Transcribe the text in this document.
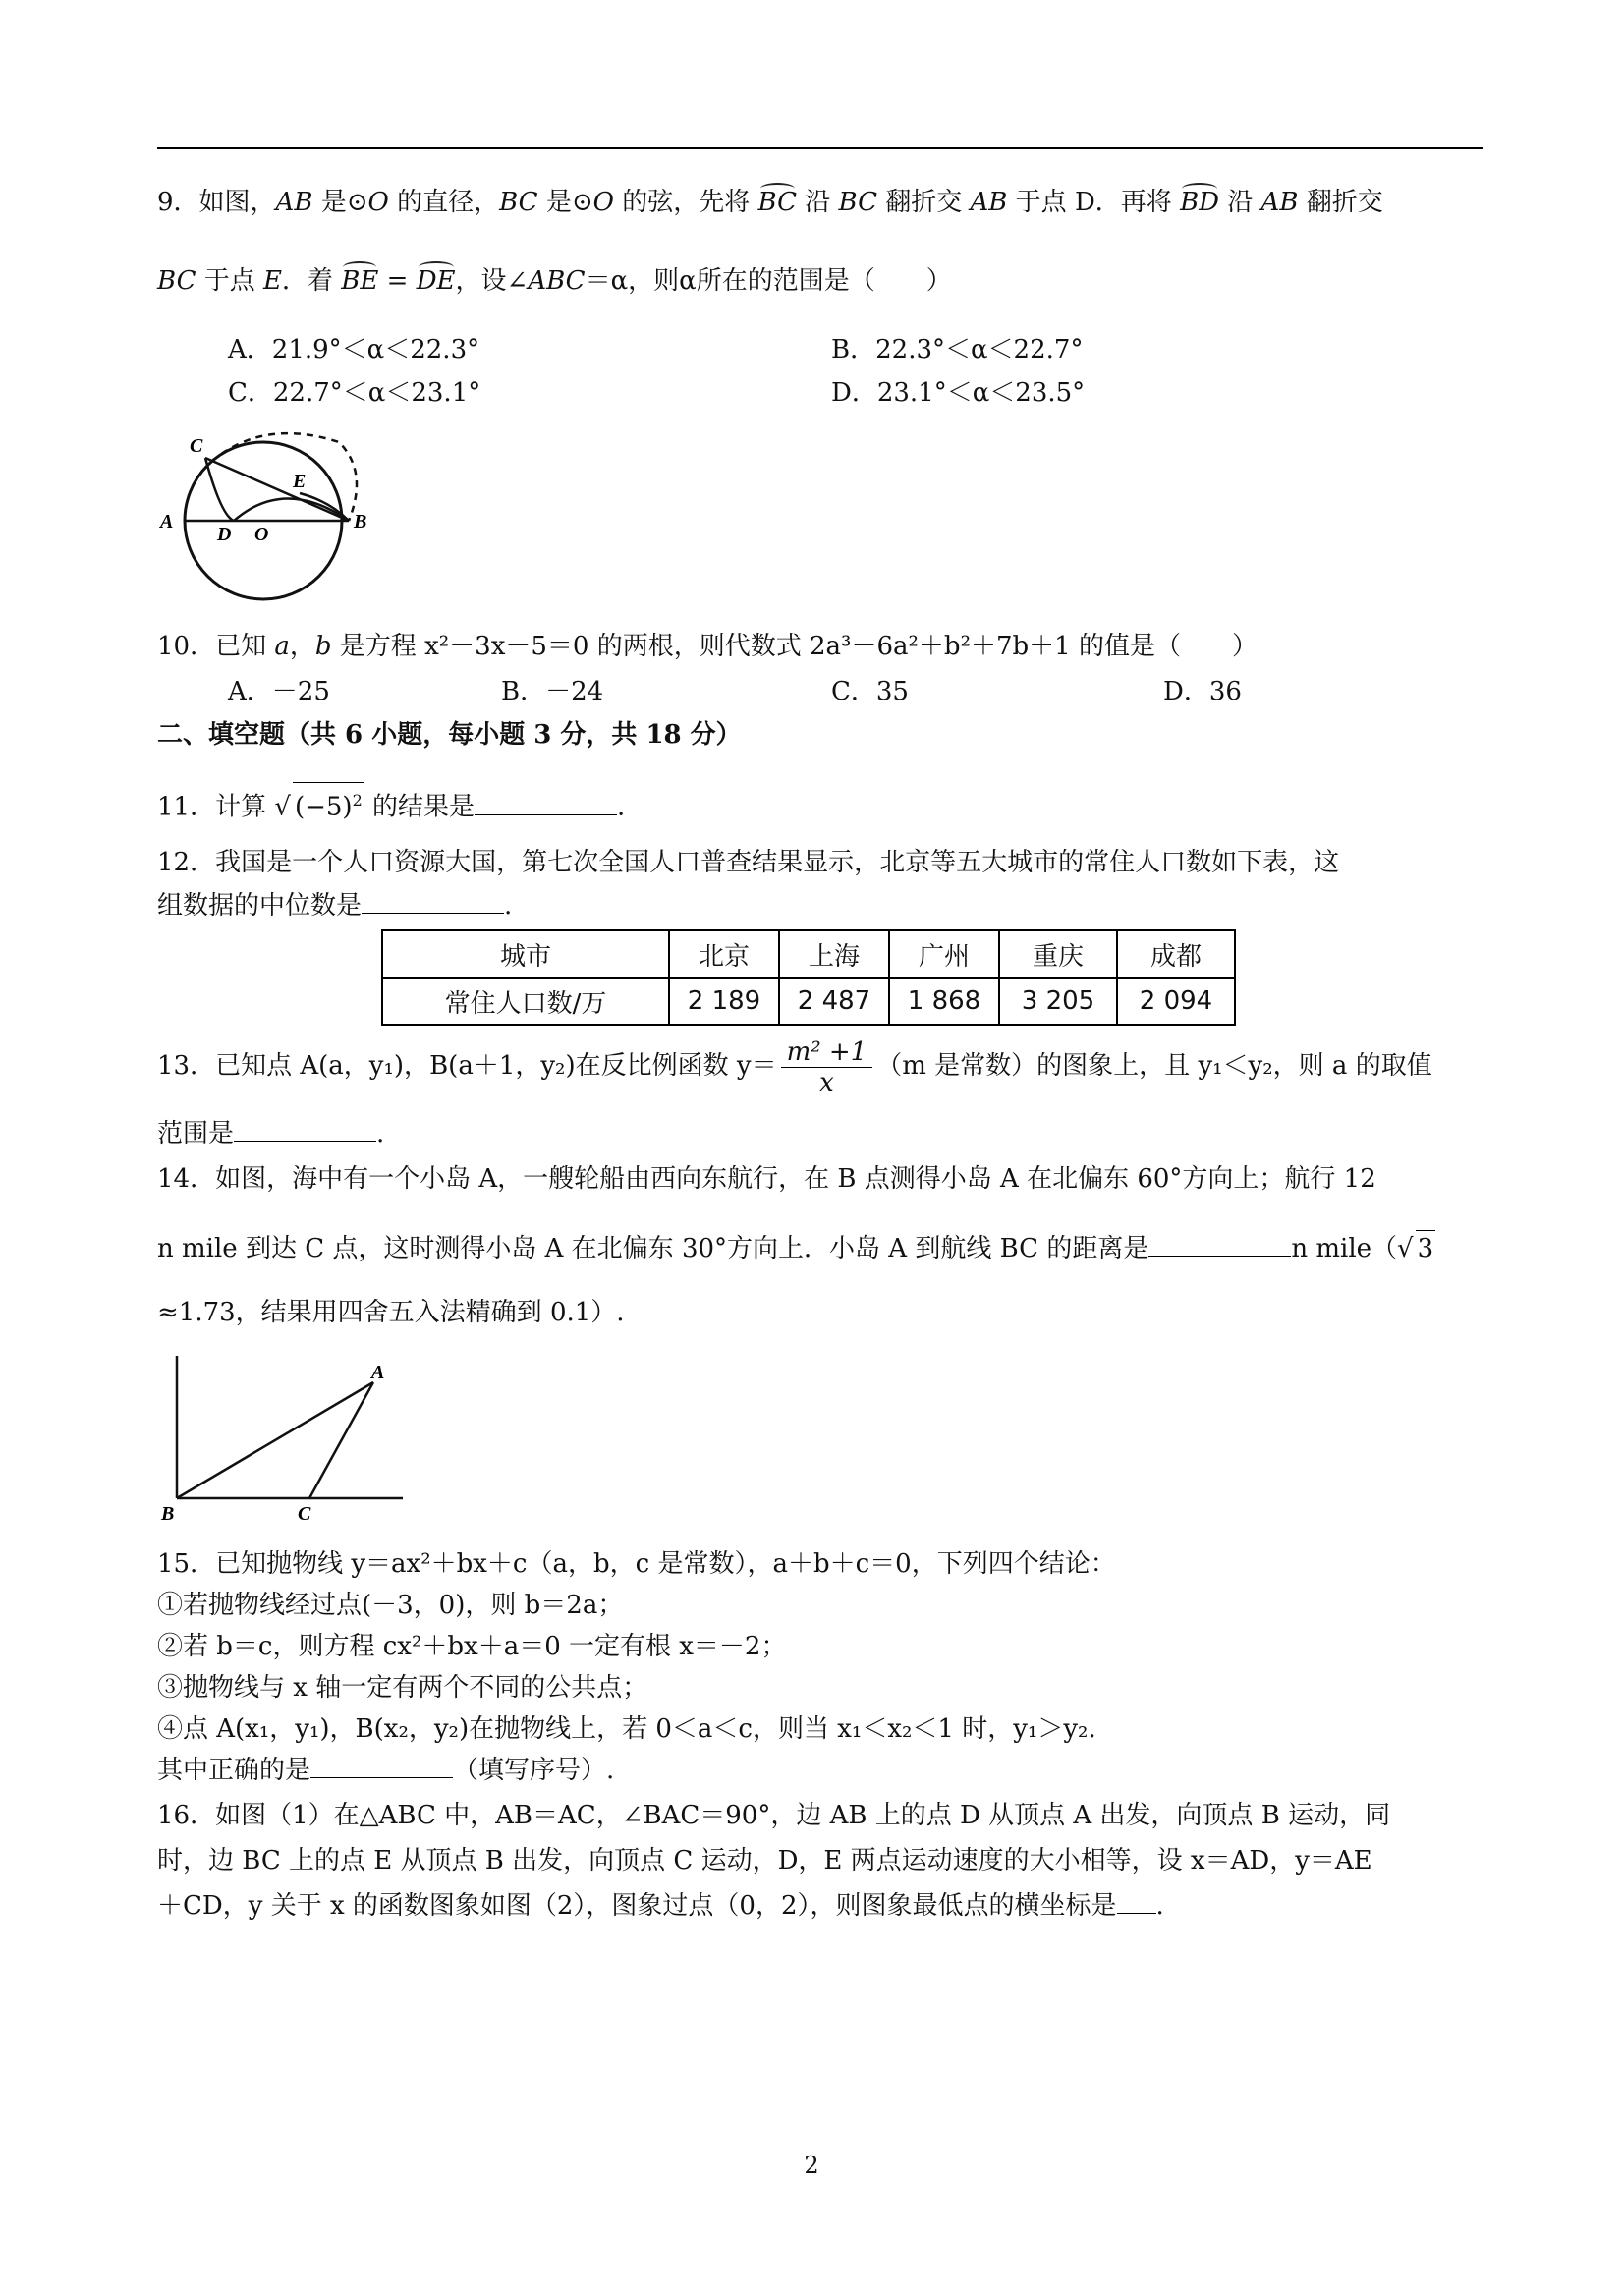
9．如图，AB 是⊙O 的直径，BC 是⊙O 的弦，先将 BC 沿 BC 翻折交 AB 于点 D．再将 BD 沿 AB 翻折交
BC 于点 E．着 BE = DE，设∠ABC＝α，则α所在的范围是（　　）
A．21.9°＜α＜22.3°	B．22.3°＜α＜22.7°
C．22.7°＜α＜23.1°	D．23.1°＜α＜23.5°
C
E
A
D O
B
10．已知 a，b 是方程 x²－3x－5＝0 的两根，则代数式 2a³－6a²＋b²＋7b＋1 的值是（　　）
A．－25	B．－24	C．35	D．36
二、填空题（共 6 小题，每小题 3 分，共 18 分）
11．计算 √ $(-5)^2$ 的结果是	.
12．我国是一个人口资源大国，第七次全国人口普查结果显示，北京等五大城市的常住人口数如下表，这
组数据的中位数是	.
城市	北京	上海	广州	重庆	成都
常住人口数/万	2 189	2 487	1 868	3 205	2 094
13．已知点 A(a，y₁)，B(a＋1，y₂)在反比例函数 $y= \frac{\text{m² +1}}{x} (m$ 是常数）的图象上，且 y₁＜y₂，则 a 的取值
范围是	.
14．如图，海中有一个小岛 A，一艘轮船由西向东航行，在 B 点测得小岛 A 在北偏东 60°方向上；航行 12
n mile 到达 C 点，这时测得小岛 A 在北偏东 30°方向上．小岛 A 到航线 BC 的距离是	n mile（√ 3
≈1.73，结果用四舍五入法精确到 0.1）.
A
B	C
15．已知抛物线 y＝ax²＋bx＋c（a，b，c 是常数），a＋b＋c＝0，下列四个结论：
①若抛物线经过点(－3，0)，则 b＝2a；
②若 b＝c，则方程 cx²＋bx＋a＝0 一定有根 x＝－2；
③抛物线与 x 轴一定有两个不同的公共点；
④点 A(x₁，y₁)，B(x₂，y₂)在抛物线上，若 0＜a＜c，则当 x₁＜x₂＜1 时，y₁＞y₂.
其中正确的是	（填写序号）.
16．如图（1）在△ABC 中，AB＝AC，∠BAC＝90°，边 AB 上的点 D 从顶点 A 出发，向顶点 B 运动，同
时，边 BC 上的点 E 从顶点 B 出发，向顶点 C 运动，D，E 两点运动速度的大小相等，设 x＝AD，y＝AE
＋CD，y 关于 x 的函数图象如图（2），图象过点（0，2），则图象最低点的横坐标是 .
2
